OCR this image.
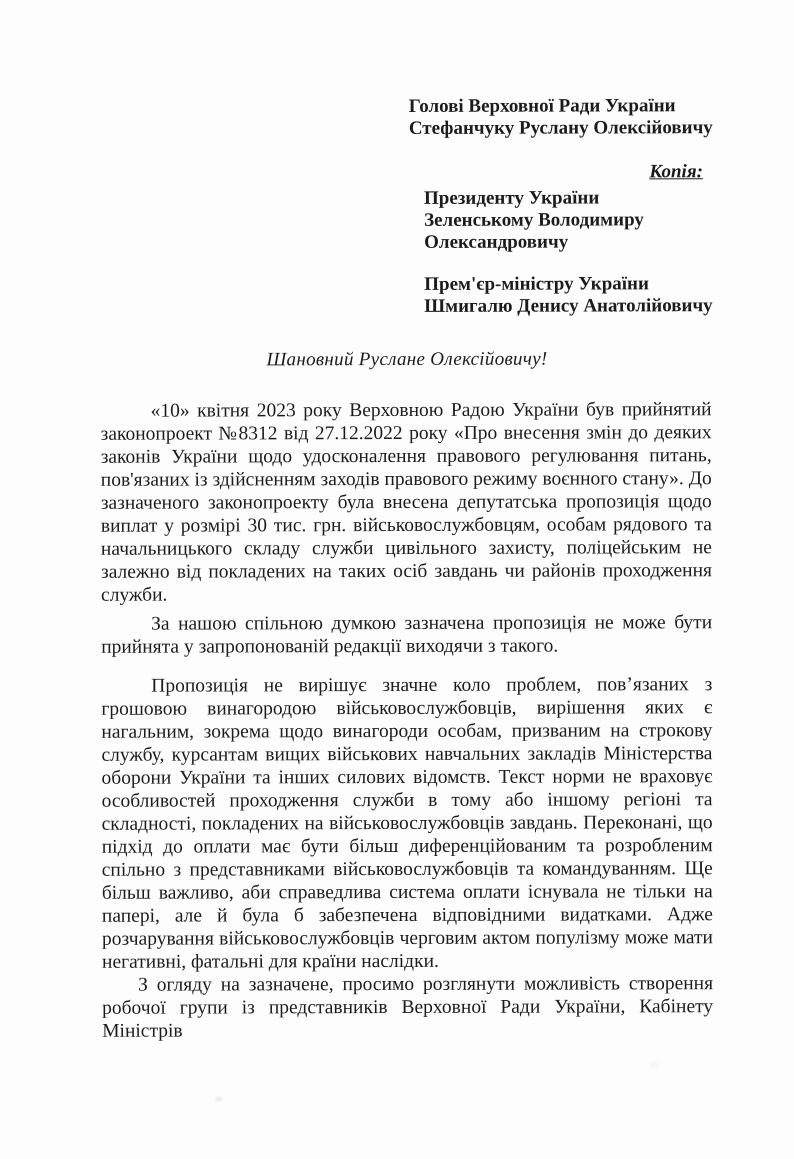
Голові Верховної Ради України
Стефанчуку Руслану Олексійовичу
Копія:
Президенту України
Зеленському Володимиру
Олександровичу
Прем'єр-міністру України
Шмигалю Денису Анатолійовичу
Шановний Руслане Олексійовичу!

«10» квітня 2023 року Верховною Радою України був прийнятий законопроект №8312 від 27.12.2022 року «Про внесення змін до деяких законів України щодо удосконалення правового регулювання питань, пов'язаних із здійсненням заходів правового режиму воєнного стану». До зазначеного законопроекту була внесена депутатська пропозиція щодо виплат у розмірі 30 тис. грн. військовослужбовцям, особам рядового та начальницького складу служби цивільного захисту, поліцейським не залежно від покладених на таких осіб завдань чи районів проходження служби.

За нашою спільною думкою зазначена пропозиція не може бути прийнята у запропонованій редакції виходячи з такого.

Пропозиція не вирішує значне коло проблем, пов’язаних з грошовою винагородою військовослужбовців, вирішення яких є нагальним, зокрема щодо винагороди особам, призваним на строкову службу, курсантам вищих військових навчальних закладів Міністерства оборони України та інших силових відомств. Текст норми не враховує особливостей проходження служби в тому або іншому регіоні та складності, покладених на військовослужбовців завдань. Переконані, що підхід до оплати має бути більш диференційованим та розробленим спільно з представниками військовослужбовців та командуванням. Ще більш важливо, аби справедлива система оплати існувала не тільки на папері, але й була б забезпечена відповідними видатками. Адже розчарування військовослужбовців черговим актом популізму може мати негативні, фатальні для країни наслідки.

З огляду на зазначене, просимо розглянути можливість створення робочої групи із представників Верховної Ради України, Кабінету Міністрів
